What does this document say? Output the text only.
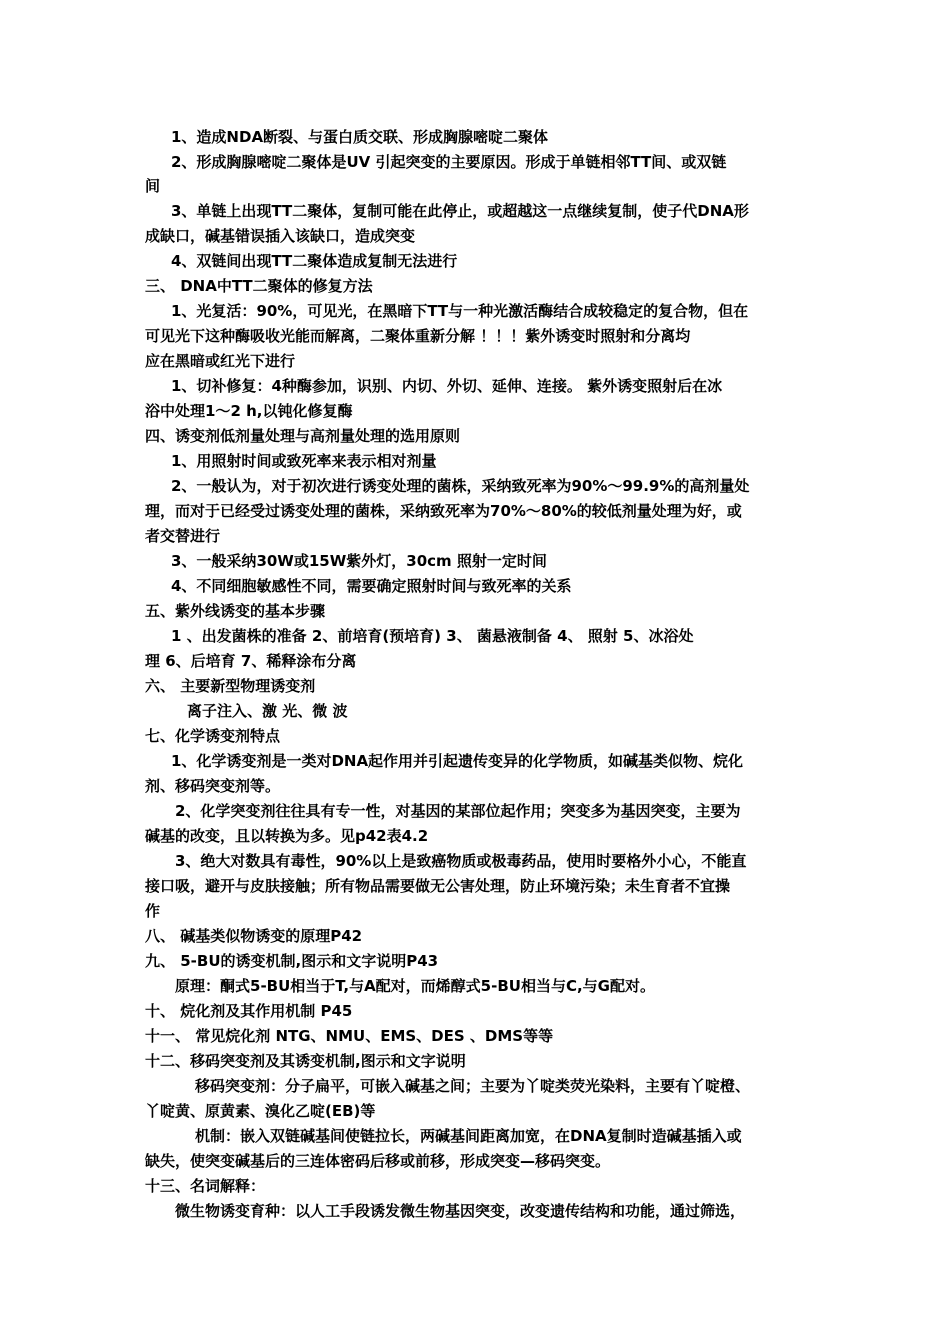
1、造成NDA断裂、与蛋白质交联、形成胸腺嘧啶二聚体
2、形成胸腺嘧啶二聚体是UV 引起突变的主要原因。形成于单链相邻TT间、或双链
间
3、单链上出现TT二聚体，复制可能在此停止，或超越这一点继续复制，使子代DNA形
成缺口，碱基错误插入该缺口，造成突变
4、双链间出现TT二聚体造成复制无法进行
三、 DNA中TT二聚体的修复方法
1、光复活：90%，可见光，在黑暗下TT与一种光激活酶结合成较稳定的复合物，但在
可见光下这种酶吸收光能而解离，二聚体重新分解 ！！！紫外诱变时照射和分离均
应在黑暗或红光下进行
1、切补修复：4种酶参加，识别、内切、外切、延伸、连接。 紫外诱变照射后在冰
浴中处理1～2 h,以钝化修复酶
四、诱变剂低剂量处理与高剂量处理的选用原则
1、用照射时间或致死率来表示相对剂量
2、一般认为，对于初次进行诱变处理的菌株，采纳致死率为90%～99.9%的高剂量处
理，而对于已经受过诱变处理的菌株，采纳致死率为70%～80%的较低剂量处理为好，或
者交替进行
3、一般采纳30W或15W紫外灯，30cm 照射一定时间
4、不同细胞敏感性不同，需要确定照射时间与致死率的关系
五、紫外线诱变的基本步骤
1 、出发菌株的准备 2、前培育(预培育) 3、 菌悬液制备 4、 照射 5、冰浴处
理 6、后培育 7、稀释涂布分离
六、 主要新型物理诱变剂
离子注入、激 光、微 波
七、化学诱变剂特点
1、化学诱变剂是一类对DNA起作用并引起遗传变异的化学物质，如碱基类似物、烷化
剂、移码突变剂等。
2、化学突变剂往往具有专一性，对基因的某部位起作用；突变多为基因突变，主要为
碱基的改变，且以转换为多。见p42表4.2
3、绝大对数具有毒性，90%以上是致癌物质或极毒药品，使用时要格外小心，不能直
接口吸，避开与皮肤接触；所有物品需要做无公害处理，防止环境污染；未生育者不宜操
作
八、 碱基类似物诱变的原理P42
九、 5-BU的诱变机制,图示和文字说明P43
原理：酮式5-BU相当于T,与A配对，而烯醇式5-BU相当与C,与G配对。
十、 烷化剂及其作用机制 P45
十一、 常见烷化剂 NTG、NMU、EMS、DES 、DMS等等
十二、移码突变剂及其诱变机制,图示和文字说明
移码突变剂：分子扁平，可嵌入碱基之间；主要为丫啶类荧光染料，主要有丫啶橙、
丫啶黄、原黄素、溴化乙啶(EB)等
机制：嵌入双链碱基间使链拉长，两碱基间距离加宽，在DNA复制时造碱基插入或
缺失，使突变碱基后的三连体密码后移或前移，形成突变—移码突变。
十三、名词解释：
微生物诱变育种：以人工手段诱发微生物基因突变，改变遗传结构和功能，通过筛选，
